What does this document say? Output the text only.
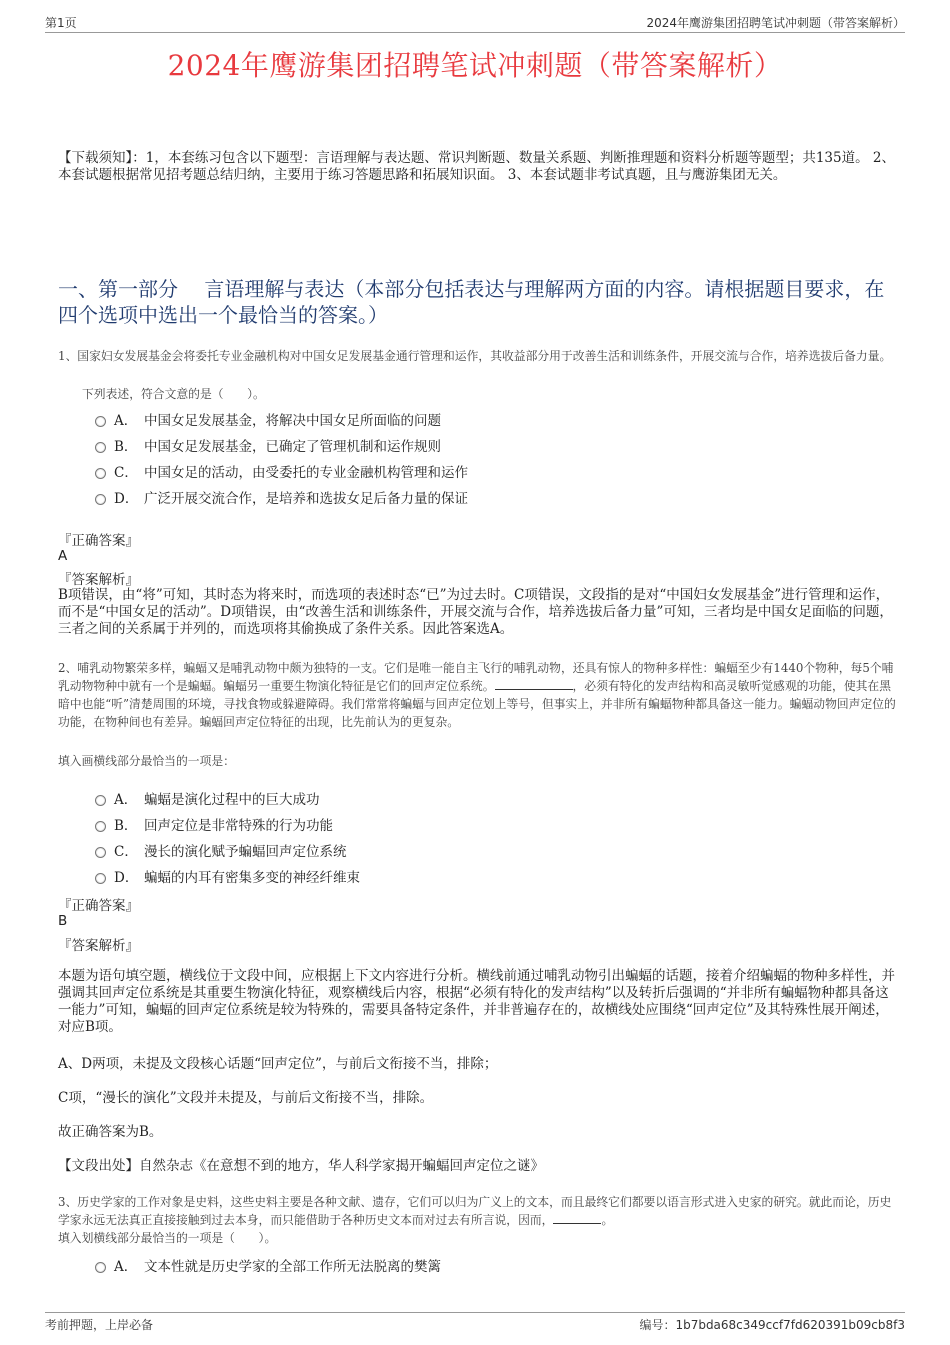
第1页	2024年鹰游集团招聘笔试冲刺题（带答案解析）
2024年鹰游集团招聘笔试冲刺题（带答案解析）
【下载须知】：1，本套练习包含以下题型：言语理解与表达题、常识判断题、数量关系题、判断推理题和资料分析题等题型；共135道。 2、本套试题根据常见招考题总结归纳，主要用于练习答题思路和拓展知识面。 3、本套试题非考试真题，且与鹰游集团无关。
一、第一部分　 言语理解与表达（本部分包括表达与理解两方面的内容。请根据题目要求，在四个选项中选出一个最恰当的答案。）
1、国家妇女发展基金会将委托专业金融机构对中国女足发展基金通行管理和运作，其收益部分用于改善生活和训练条件，开展交流与合作，培养选拔后备力量。
下列表述，符合文意的是（　　）。
A． 中国女足发展基金，将解决中国女足所面临的问题
B． 中国女足发展基金，已确定了管理机制和运作规则
C． 中国女足的活动，由受委托的专业金融机构管理和运作
D． 广泛开展交流合作，是培养和选拔女足后备力量的保证
『正确答案』
A
『答案解析』
B项错误，由“将”可知，其时态为将来时，而选项的表述时态“已”为过去时。C项错误，文段指的是对“中国妇女发展基金”进行管理和运作，而不是“中国女足的活动”。D项错误，由“改善生活和训练条件，开展交流与合作，培养选拔后备力量”可知，三者均是中国女足面临的问题，三者之间的关系属于并列的，而选项将其偷换成了条件关系。因此答案选A。
2、哺乳动物繁荣多样，蝙蝠又是哺乳动物中颇为独特的一支。它们是唯一能自主飞行的哺乳动物，还具有惊人的物种多样性：蝙蝠至少有1440个物种，每5个哺乳动物物种中就有一个是蝙蝠。蝙蝠另一重要生物演化特征是它们的回声定位系统。	，必须有特化的发声结构和高灵敏听觉感观的功能，使其在黑暗中也能“听”清楚周围的环境，寻找食物或躲避障碍。我们常常将蝙蝠与回声定位划上等号，但事实上，并非所有蝙蝠物种都具备这一能力。蝙蝠动物回声定位的功能，在物种间也有差异。蝙蝠回声定位特征的出现，比先前认为的更复杂。
填入画横线部分最恰当的一项是：
A． 蝙蝠是演化过程中的巨大成功
B． 回声定位是非常特殊的行为功能
C． 漫长的演化赋予蝙蝠回声定位系统
D． 蝙蝠的内耳有密集多变的神经纤维束
『正确答案』
B
『答案解析』
本题为语句填空题，横线位于文段中间，应根据上下文内容进行分析。横线前通过哺乳动物引出蝙蝠的话题，接着介绍蝙蝠的物种多样性，并强调其回声定位系统是其重要生物演化特征，观察横线后内容，根据“必须有特化的发声结构”以及转折后强调的“并非所有蝙蝠物种都具备这一能力”可知，蝙蝠的回声定位系统是较为特殊的，需要具备特定条件，并非普遍存在的，故横线处应围绕“回声定位”及其特殊性展开阐述，对应B项。
A、D两项，未提及文段核心话题“回声定位”，与前后文衔接不当，排除；
C项，“漫长的演化”文段并未提及，与前后文衔接不当，排除。
故正确答案为B。
【文段出处】自然杂志《在意想不到的地方，华人科学家揭开蝙蝠回声定位之谜》
3、历史学家的工作对象是史料，这些史料主要是各种文献、遗存，它们可以归为广义上的文本，而且最终它们都要以语言形式进入史家的研究。就此而论，历史学家永远无法真正直接接触到过去本身，而只能借助于各种历史文本而对过去有所言说，因而，	。
填入划横线部分最恰当的一项是（　　）。
A． 文本性就是历史学家的全部工作所无法脱离的樊篱
考前押题，上岸必备	编号：1b7bda68c349ccf7fd620391b09cb8f3
